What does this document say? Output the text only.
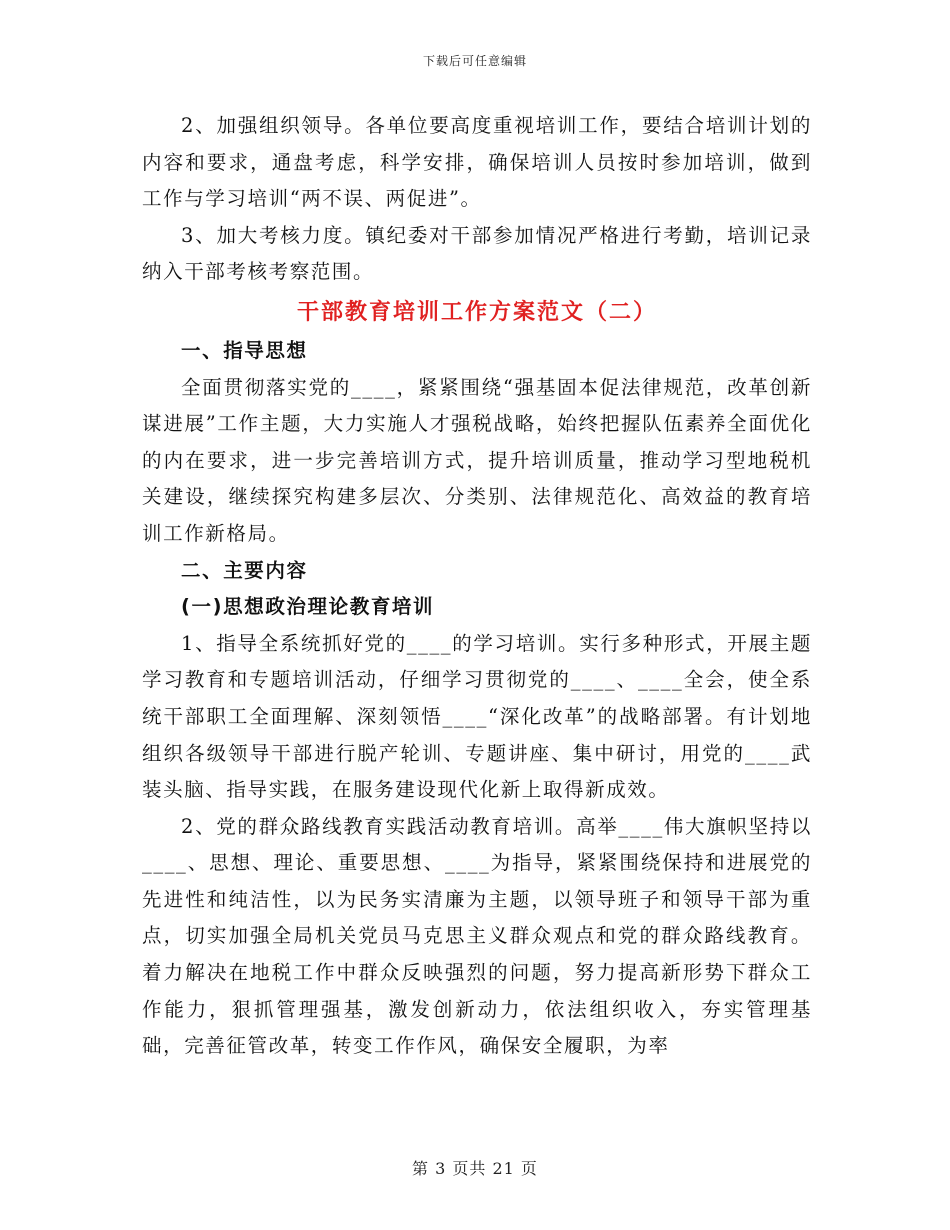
下载后可任意编辑

2、加强组织领导。各单位要高度重视培训工作，要结合培训计划的内容和要求，通盘考虑，科学安排，确保培训人员按时参加培训，做到工作与学习培训“两不误、两促进”。

3、加大考核力度。镇纪委对干部参加情况严格进行考勤，培训记录纳入干部考核考察范围。

干部教育培训工作方案范文（二）
一、指导思想

全面贯彻落实党的____，紧紧围绕“强基固本促法律规范，改革创新谋进展”工作主题，大力实施人才强税战略，始终把握队伍素养全面优化的内在要求，进一步完善培训方式，提升培训质量，推动学习型地税机关建设，继续探究构建多层次、分类别、法律规范化、高效益的教育培训工作新格局。

二、主要内容
(一)思想政治理论教育培训

1、指导全系统抓好党的____的学习培训。实行多种形式，开展主题学习教育和专题培训活动，仔细学习贯彻党的____、____全会，使全系统干部职工全面理解、深刻领悟____“深化改革”的战略部署。有计划地组织各级领导干部进行脱产轮训、专题讲座、集中研讨，用党的____武装头脑、指导实践，在服务建设现代化新上取得新成效。

2、党的群众路线教育实践活动教育培训。高举____伟大旗帜坚持以____、思想、理论、重要思想、____为指导，紧紧围绕保持和进展党的先进性和纯洁性，以为民务实清廉为主题，以领导班子和领导干部为重点，切实加强全局机关党员马克思主义群众观点和党的群众路线教育。着力解决在地税工作中群众反映强烈的问题，努力提高新形势下群众工作能力，狠抓管理强基，激发创新动力，依法组织收入，夯实管理基础，完善征管改革，转变工作作风，确保安全履职，为率

第 3 页共 21 页
